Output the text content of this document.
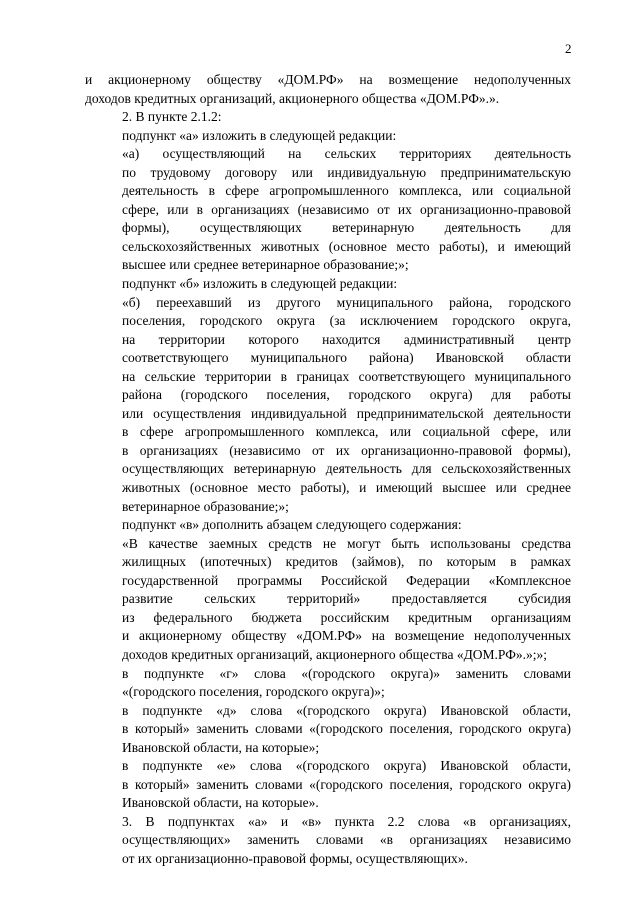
2
и акционерному обществу «ДОМ.РФ» на возмещение недополученных
доходов кредитных организаций, акционерного общества «ДОМ.РФ».».
2. В пункте 2.1.2:
подпункт «а» изложить в следующей редакции:
«а) осуществляющий на сельских территориях деятельность
по трудовому договору или индивидуальную предпринимательскую
деятельность в сфере агропромышленного комплекса, или социальной
сфере, или в организациях (независимо от их организационно-правовой
формы), осуществляющих ветеринарную деятельность для
сельскохозяйственных животных (основное место работы), и имеющий
высшее или среднее ветеринарное образование;»;
подпункт «б» изложить в следующей редакции:
«б) переехавший из другого муниципального района, городского
поселения, городского округа (за исключением городского округа,
на территории которого находится административный центр
соответствующего муниципального района) Ивановской области
на сельские территории в границах соответствующего муниципального
района (городского поселения, городского округа) для работы
или осуществления индивидуальной предпринимательской деятельности
в сфере агропромышленного комплекса, или социальной сфере, или
в организациях (независимо от их организационно-правовой формы),
осуществляющих ветеринарную деятельность для сельскохозяйственных
животных (основное место работы), и имеющий высшее или среднее
ветеринарное образование;»;
подпункт «в» дополнить абзацем следующего содержания:
«В качестве заемных средств не могут быть использованы средства
жилищных (ипотечных) кредитов (займов), по которым в рамках
государственной программы Российской Федерации «Комплексное
развитие сельских территорий» предоставляется субсидия
из федерального бюджета российским кредитным организациям
и акционерному обществу «ДОМ.РФ» на возмещение недополученных
доходов кредитных организаций, акционерного общества «ДОМ.РФ».»;»;
в подпункте «г» слова «(городского округа)» заменить словами
«(городского поселения, городского округа)»;
в подпункте «д» слова «(городского округа) Ивановской области,
в который» заменить словами «(городского поселения, городского округа)
Ивановской области, на которые»;
в подпункте «е» слова «(городского округа) Ивановской области,
в который» заменить словами «(городского поселения, городского округа)
Ивановской области, на которые».
3. В подпунктах «а» и «в» пункта 2.2 слова «в организациях,
осуществляющих» заменить словами «в организациях независимо
от их организационно-правовой формы, осуществляющих».
